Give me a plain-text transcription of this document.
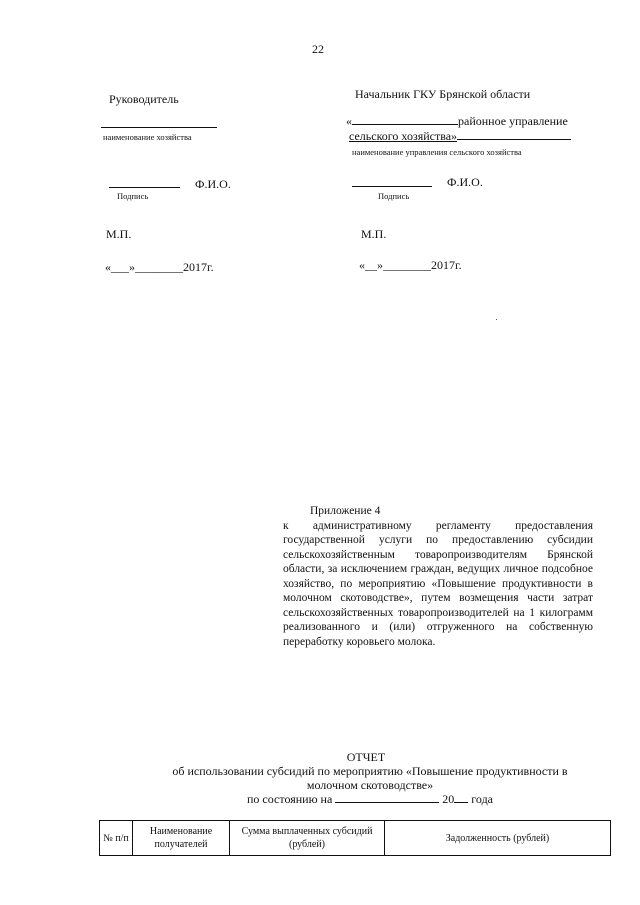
22
Руководитель
наименование хозяйства
Ф.И.О.
Подпись
М.П.
«___»________2017г.
Начальник ГКУ Брянской области
«	районное управление
сельского хозяйства»
наименование управления сельского хозяйства
Ф.И.О.
Подпись
М.П.
«__»________2017г.
Приложение 4
к административному регламенту предоставления государственной услуги по предоставлению субсидии сельскохозяйственным товаропроизводителям Брянской области, за исключением граждан, ведущих личное подсобное хозяйство, по мероприятию «Повышение продуктивности в молочном скотоводстве», путем возмещения части затрат сельскохозяйственных товаропроизводителей на 1 килограмм реализованного и (или) отгруженного на собственную переработку коровьего молока.
ОТЧЕТ
об использовании субсидий по мероприятию «Повышение продуктивности в
молочном скотоводстве»
по состоянию на	20 года
№ п/п	Наименование получателей	Сумма выплаченных субсидий (рублей)	Задолженность (рублей)
